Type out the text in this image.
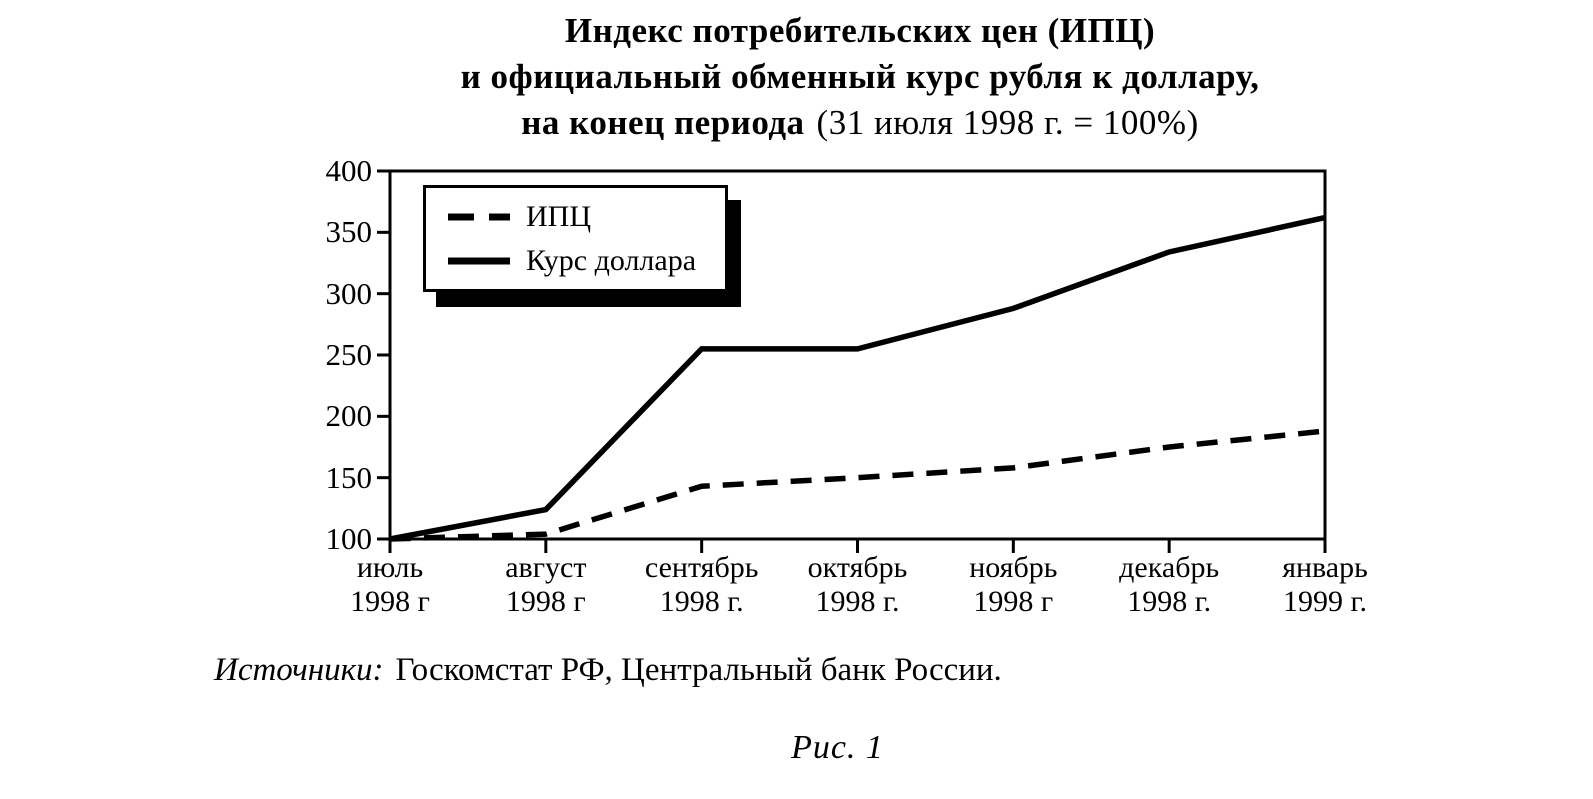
Индекс потребительских цен (ИПЦ)
и официальный обменный курс рубля к доллару,
на конец периода (31 июля 1998 г. = 100%)
100
150
200
250
300
350
400
июль
1998 г
август
1998 г
сентябрь
1998 г.
октябрь
1998 г.
ноябрь
1998 г
декабрь
1998 г.
январь
1999 г.
ИПЦ
Курс доллара

Источники: Госкомстат РФ, Центральный банк России.

Рис. 1
